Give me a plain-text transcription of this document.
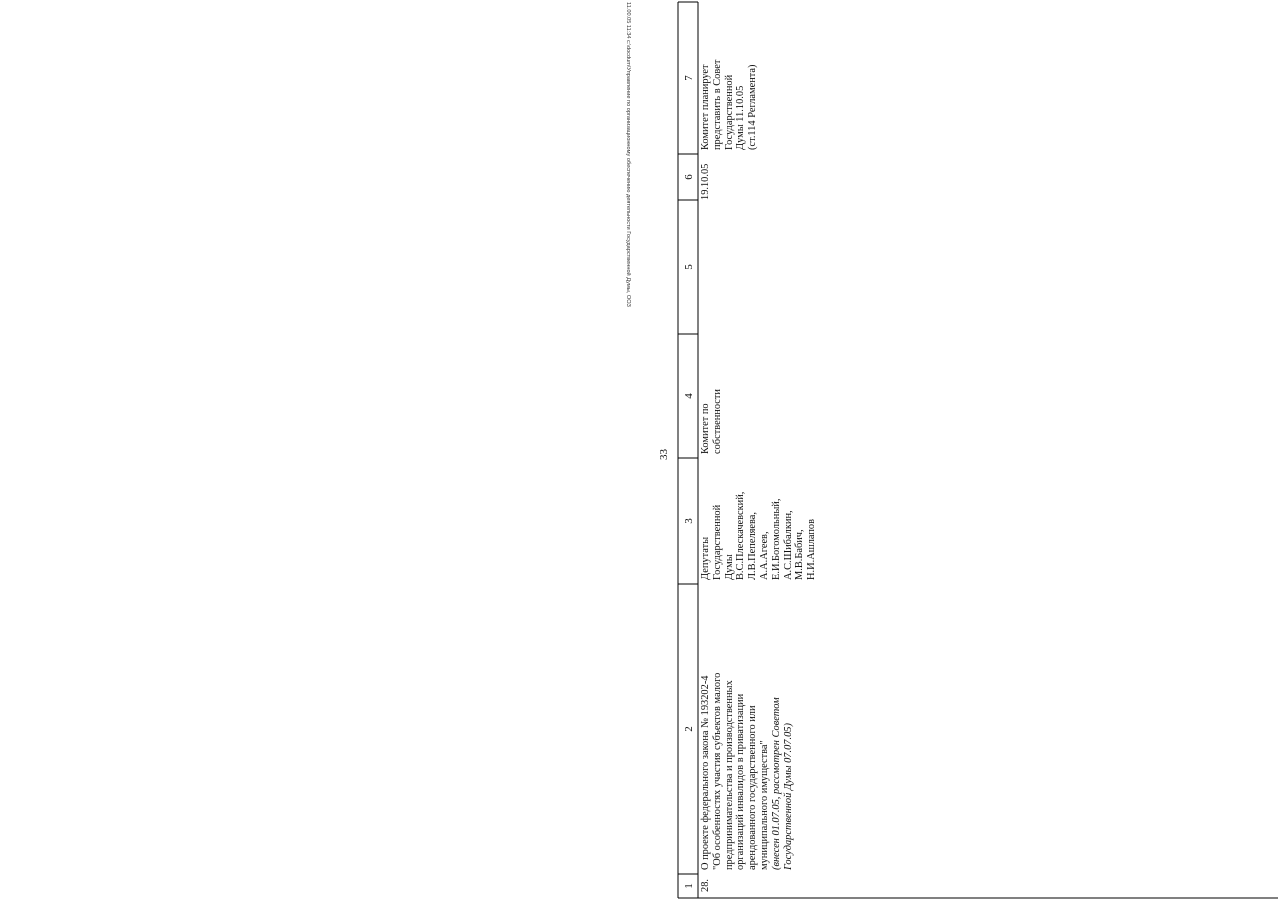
33
1
2
3
4
5
6
7
28.
О проекте федерального закона № 193202-4 "Об особенностях участия субъектов малого предпринимательства и производственных организаций инвалидов в приватизации арендованного государственного или муниципального имущества" (внесен 01.07.05, рассмотрен Советом Государственной Думы 07.07.05)
Депутаты Государственной Думы В.С.Плескачевский, Л.В.Пепеляева, А.А.Агеев, Е.И.Богомольный, А.С.Шибалкин, М.В.Бабич, Н.И.Ашлапов
Комитет по собственности
19.10.05
Комитет планирует представить в Совет Государственной Думы 11.10.05 (ст.114 Регламента)
11.00.05 11:34 c:\docdum\Управление по организационному обеспечению деятельности Государственной Думы, ООЗ
